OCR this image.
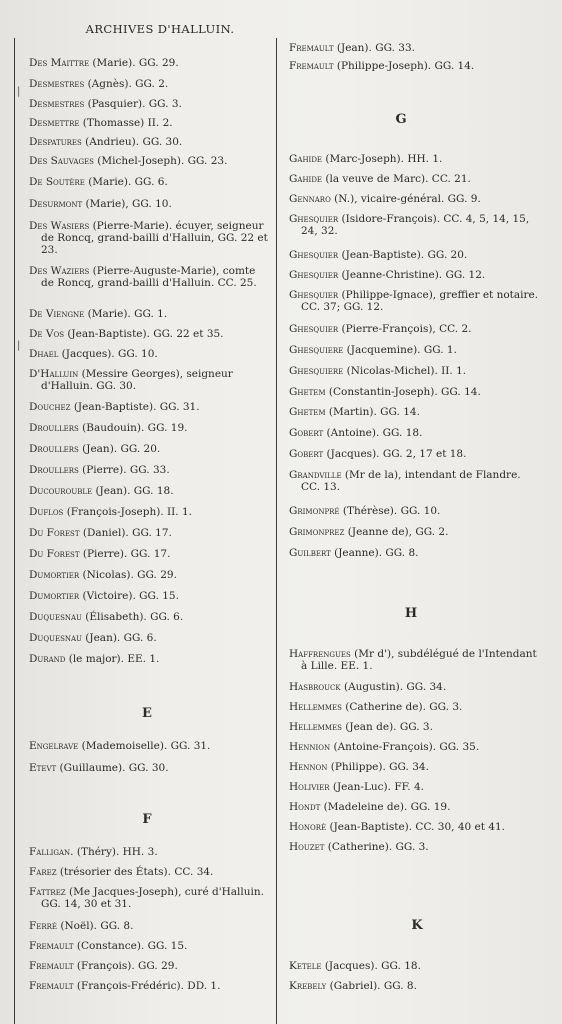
ARCHIVES D'HALLUIN.
|
|
E
F
Des Maittre (Marie). GG. 29.
Desmestres (Agnès). GG. 2.
Desmestres (Pasquier). GG. 3.
Desmettre (Thomasse) II. 2.
Despatures (Andrieu). GG. 30.
Des Sauvages (Michel-Joseph). GG. 23.
De Soutère (Marie). GG. 6.
Desurmont (Marie), GG. 10.
Des Wasiers (Pierre-Marie). écuyer, seigneur de Roncq, grand-bailli d'Halluin, GG. 22 et 23.
Des Waziers (Pierre-Auguste-Marie), comte de Roncq, grand-bailli d'Halluin. CC. 25.
De Viengne (Marie). GG. 1.
De Vos (Jean-Baptiste). GG. 22 et 35.
Dhael (Jacques). GG. 10.
D'Halluin (Messire Georges), seigneur d'Halluin. GG. 30.
Douchez (Jean-Baptiste). GG. 31.
Droullers (Baudouin). GG. 19.
Droullers (Jean). GG. 20.
Droullers (Pierre). GG. 33.
Ducourouble (Jean). GG. 18.
Duflos (François-Joseph). II. 1.
Du Forest (Daniel). GG. 17.
Du Forest (Pierre). GG. 17.
Dumortier (Nicolas). GG. 29.
Dumortier (Victoire). GG. 15.
Duquesnau (Élisabeth). GG. 6.
Duquesnau (Jean). GG. 6.
Durand (le major). EE. 1.
Engelrave (Mademoiselle). GG. 31.
Etevt (Guillaume). GG. 30.
Falligan. (Théry). HH. 3.
Farez (trésorier des États). CC. 34.
Fattrez (Me Jacques-Joseph), curé d'Halluin. GG. 14, 30 et 31.
Ferré (Noël). GG. 8.
Fremault (Constance). GG. 15.
Fremault (François). GG. 29.
Fremault (François-Frédéric). DD. 1.
G
H
K
Fremault (Jean). GG. 33.
Fremault (Philippe-Joseph). GG. 14.
Gahide (Marc-Joseph). HH. 1.
Gahide (la veuve de Marc). CC. 21.
Gennaro (N.), vicaire-général. GG. 9.
Ghesquier (Isidore-François). CC. 4, 5, 14, 15, 24, 32.
Ghesquier (Jean-Baptiste). GG. 20.
Ghesquier (Jeanne-Christine). GG. 12.
Ghesquier (Philippe-Ignace), greffier et notaire. CC. 37; GG. 12.
Ghesquier (Pierre-François), CC. 2.
Ghesquiere (Jacquemine). GG. 1.
Ghesquiere (Nicolas-Michel). II. 1.
Ghetem (Constantin-Joseph). GG. 14.
Ghetem (Martin). GG. 14.
Gobert (Antoine). GG. 18.
Gobert (Jacques). GG. 2, 17 et 18.
Grandville (Mr de la), intendant de Flandre. CC. 13.
Grimonpré (Thérèse). GG. 10.
Grimonprez (Jeanne de), GG. 2.
Guilbert (Jeanne). GG. 8.
Haffrengues (Mr d'), subdélégué de l'Intendant à Lille. EE. 1.
Hasbrouck (Augustin). GG. 34.
Hellemmes (Catherine de). GG. 3.
Hellemmes (Jean de). GG. 3.
Hennion (Antoine-François). GG. 35.
Hennon (Philippe). GG. 34.
Holivier (Jean-Luc). FF. 4.
Hondt (Madeleine de). GG. 19.
Honoré (Jean-Baptiste). CC. 30, 40 et 41.
Houzet (Catherine). GG. 3.
Ketele (Jacques). GG. 18.
Krebely (Gabriel). GG. 8.
